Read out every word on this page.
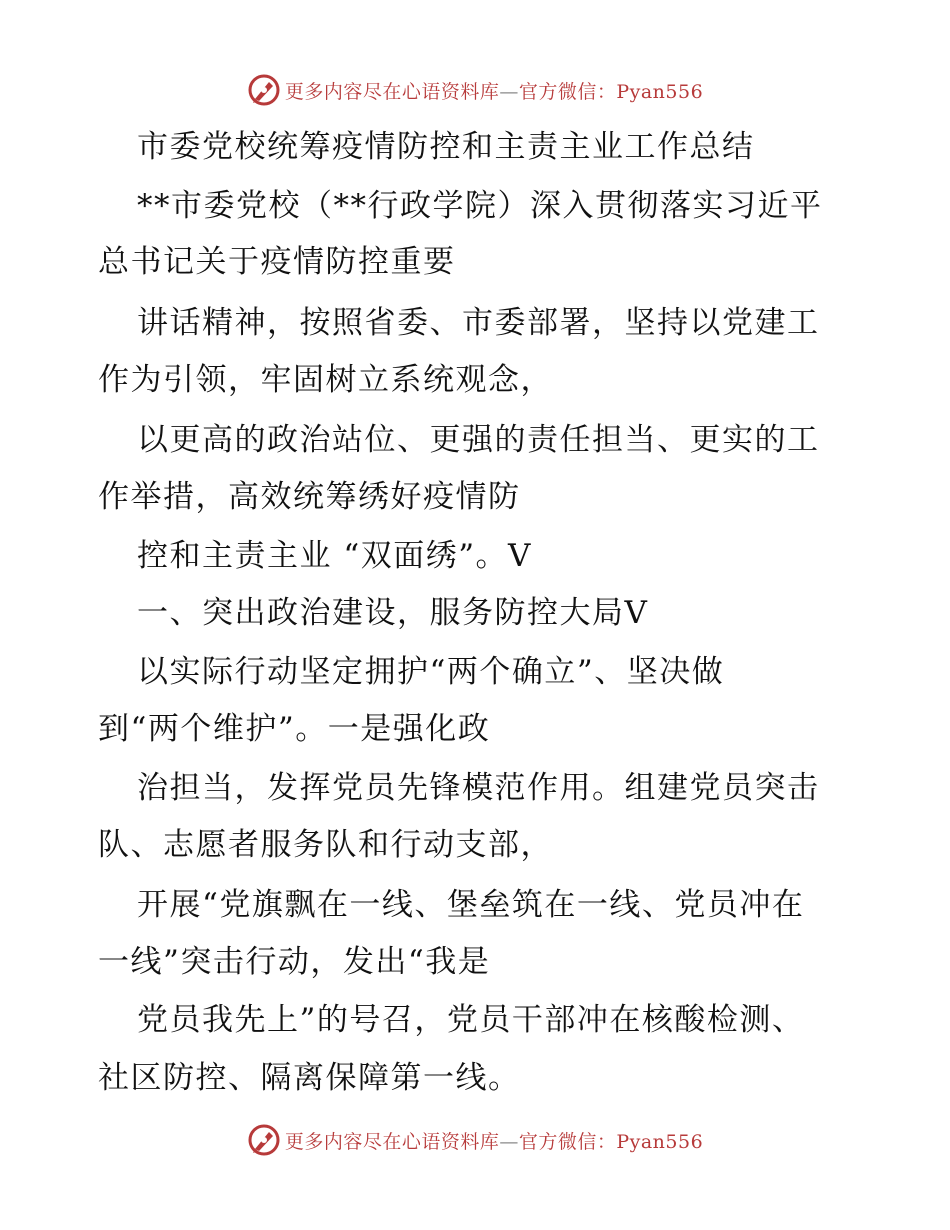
更多内容尽在心语资料库—官方微信：Pyan556
市委党校统筹疫情防控和主责主业工作总结
**市委党校（**行政学院）深入贯彻落实习近平
总书记关于疫情防控重要
讲话精神，按照省委、市委部署，坚持以党建工
作为引领，牢固树立系统观念，
以更高的政治站位、更强的责任担当、更实的工
作举措，高效统筹绣好疫情防
控和主责主业 “双面绣”。V
一、突出政治建设，服务防控大局V
以实际行动坚定拥护“两个确立”、坚决做
到“两个维护”。一是强化政
治担当，发挥党员先锋模范作用。组建党员突击
队、志愿者服务队和行动支部，
开展“党旗飘在一线、堡垒筑在一线、党员冲在
一线”突击行动，发出“我是
党员我先上”的号召，党员干部冲在核酸检测、
社区防控、隔离保障第一线。
更多内容尽在心语资料库—官方微信：Pyan556
